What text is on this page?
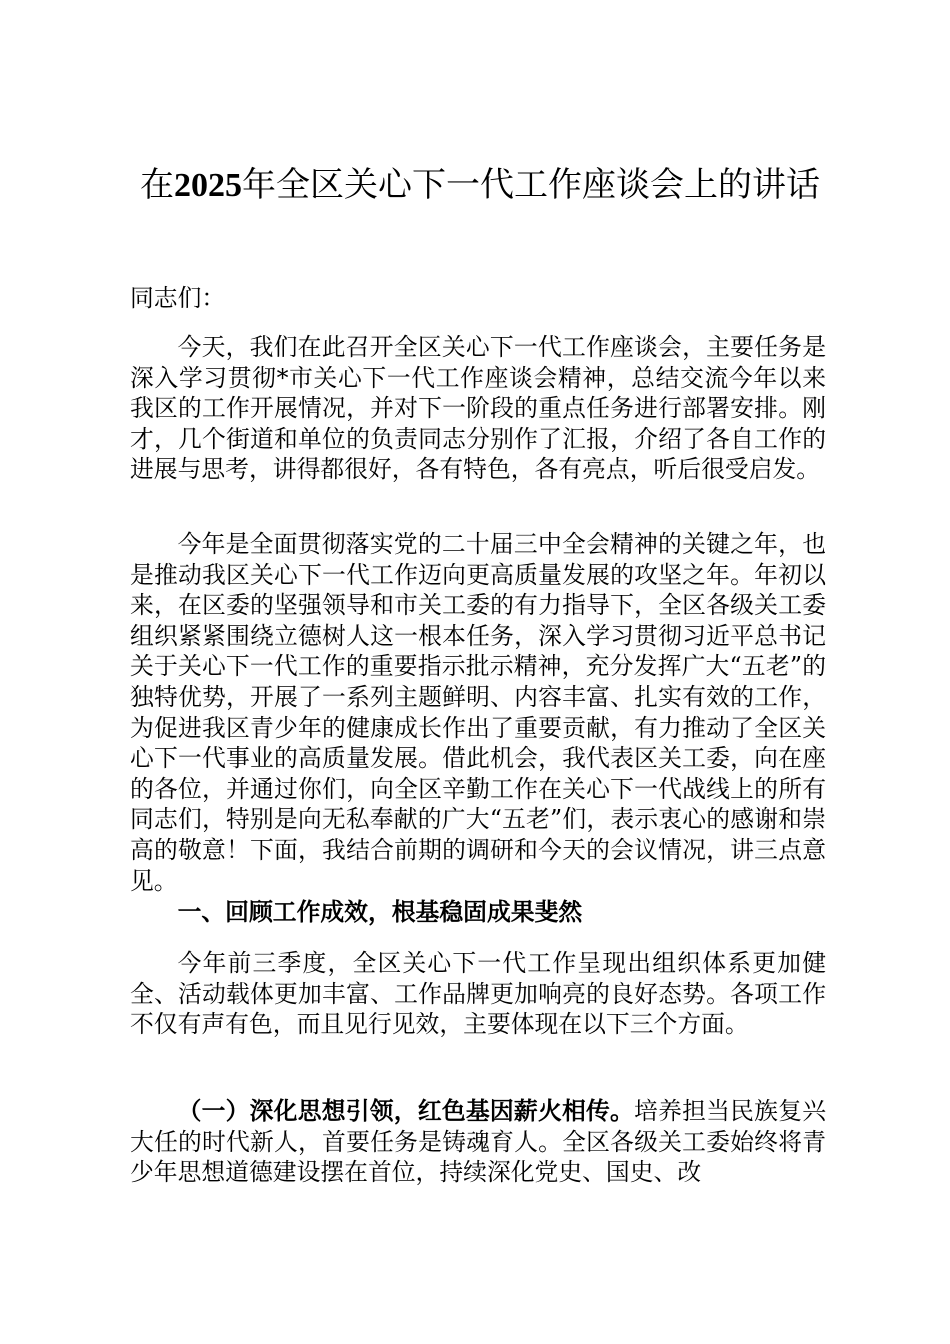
在2025年全区关心下一代工作座谈会上的讲话

同志们：

今天，我们在此召开全区关心下一代工作座谈会，主要任务是深入学习贯彻*市关心下一代工作座谈会精神，总结交流今年以来我区的工作开展情况，并对下一阶段的重点任务进行部署安排。刚才，几个街道和单位的负责同志分别作了汇报，介绍了各自工作的进展与思考，讲得都很好，各有特色，各有亮点，听后很受启发。

今年是全面贯彻落实党的二十届三中全会精神的关键之年，也是推动我区关心下一代工作迈向更高质量发展的攻坚之年。年初以来，在区委的坚强领导和市关工委的有力指导下，全区各级关工委组织紧紧围绕立德树人这一根本任务，深入学习贯彻习近平总书记关于关心下一代工作的重要指示批示精神，充分发挥广大“五老”的独特优势，开展了一系列主题鲜明、内容丰富、扎实有效的工作，为促进我区青少年的健康成长作出了重要贡献，有力推动了全区关心下一代事业的高质量发展。借此机会，我代表区关工委，向在座的各位，并通过你们，向全区辛勤工作在关心下一代战线上的所有同志们，特别是向无私奉献的广大“五老”们，表示衷心的感谢和崇高的敬意！下面，我结合前期的调研和今天的会议情况，讲三点意见。

一、回顾工作成效，根基稳固成果斐然

今年前三季度，全区关心下一代工作呈现出组织体系更加健全、活动载体更加丰富、工作品牌更加响亮的良好态势。各项工作不仅有声有色，而且见行见效，主要体现在以下三个方面。

（一）深化思想引领，红色基因薪火相传。培养担当民族复兴大任的时代新人，首要任务是铸魂育人。全区各级关工委始终将青少年思想道德建设摆在首位，持续深化党史、国史、改
